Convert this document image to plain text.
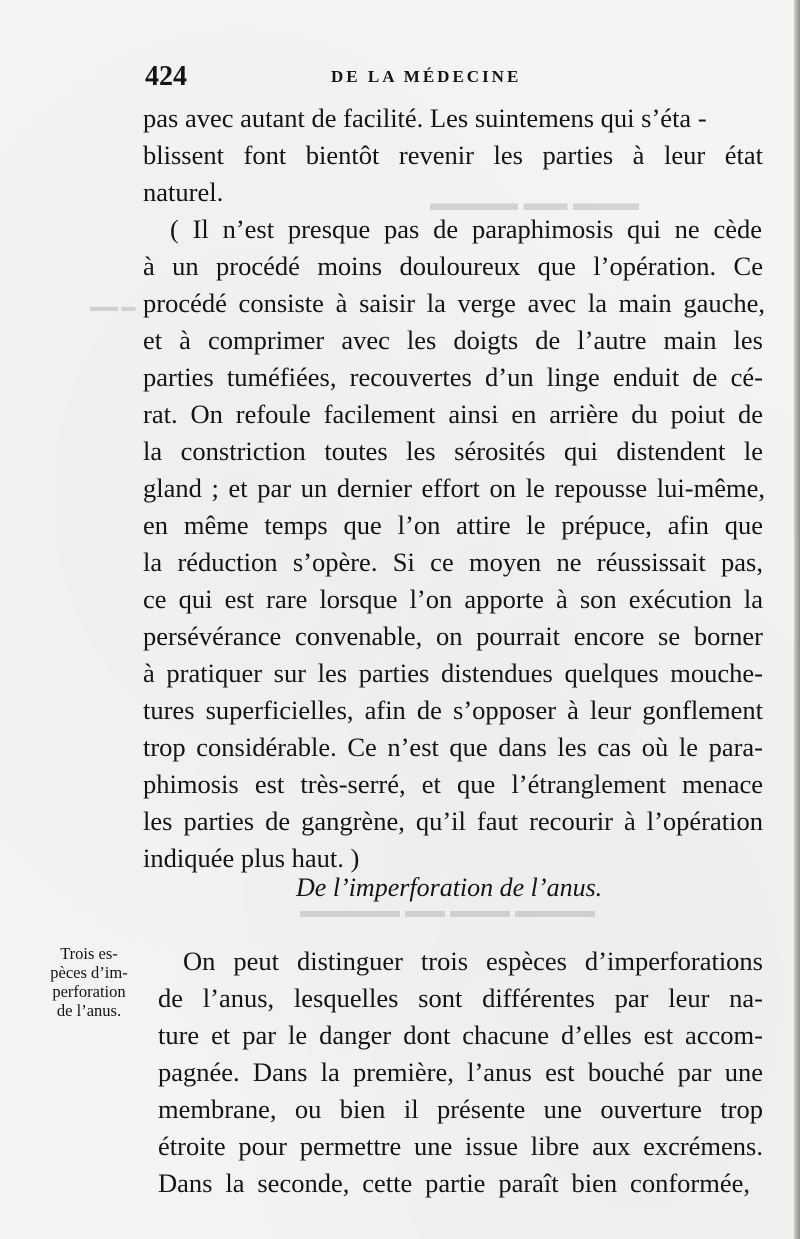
▬▬▬ ▬▬ ▬▬▬▬
▬▬ ▬
▬▬▬▬ ▬▬▬ ▬▬ ▬▬▬▬▬
424	DE LA MÉDECINE
pas avec autant de facilité. Les suintemens qui s’éta -
blissent font bientôt revenir les parties à leur état
naturel.
( Il n’est presque pas de paraphimosis qui ne cède
à un procédé moins douloureux que l’opération. Ce
procédé consiste à saisir la verge avec la main gauche,
et à comprimer avec les doigts de l’autre main les
parties tuméfiées, recouvertes d’un linge enduit de cé-
rat. On refoule facilement ainsi en arrière du poiut de
la constriction toutes les sérosités qui distendent le
gland ; et par un dernier effort on le repousse lui-même,
en même temps que l’on attire le prépuce, afin que
la réduction s’opère. Si ce moyen ne réussissait pas,
ce qui est rare lorsque l’on apporte à son exécution la
persévérance convenable, on pourrait encore se borner
à pratiquer sur les parties distendues quelques mouche-
tures superficielles, afin de s’opposer à leur gonflement
trop considérable. Ce n’est que dans les cas où le para-
phimosis est très-serré, et que l’étranglement menace
les parties de gangrène, qu’il faut recourir à l’opération
indiquée plus haut. )
De l’imperforation de l’anus.
Trois es-
pèces d’im-
perforation
de l’anus.
On peut distinguer trois espèces d’imperforations
de l’anus, lesquelles sont différentes par leur na-
ture et par le danger dont chacune d’elles est accom-
pagnée. Dans la première, l’anus est bouché par une
membrane, ou bien il présente une ouverture trop
étroite pour permettre une issue libre aux excrémens.
Dans la seconde, cette partie paraît bien conformée,
